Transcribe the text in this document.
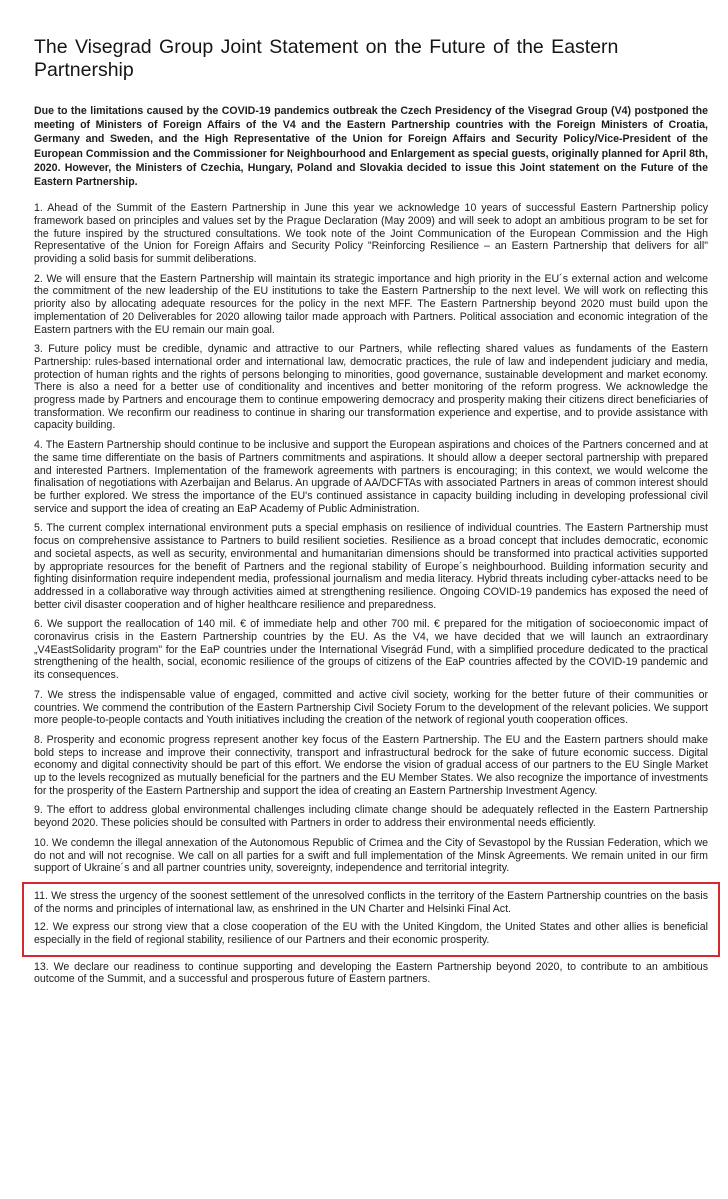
The Visegrad Group Joint Statement on the Future of the Eastern Partnership

Due to the limitations caused by the COVID-19 pandemics outbreak the Czech Presidency of the Visegrad Group (V4) postponed the meeting of Ministers of Foreign Affairs of the V4 and the Eastern Partnership countries with the Foreign Ministers of Croatia, Germany and Sweden, and the High Representative of the Union for Foreign Affairs and Security Policy/Vice-President of the European Commission and the Commissioner for Neighbourhood and Enlargement as special guests, originally planned for April 8th, 2020. However, the Ministers of Czechia, Hungary, Poland and Slovakia decided to issue this Joint statement on the Future of the Eastern Partnership.

1. Ahead of the Summit of the Eastern Partnership in June this year we acknowledge 10 years of successful Eastern Partnership policy framework based on principles and values set by the Prague Declaration (May 2009) and will seek to adopt an ambitious program to be set for the future inspired by the structured consultations. We took note of the Joint Communication of the European Commission and the High Representative of the Union for Foreign Affairs and Security Policy "Reinforcing Resilience – an Eastern Partnership that delivers for all" providing a solid basis for summit deliberations.

2. We will ensure that the Eastern Partnership will maintain its strategic importance and high priority in the EU´s external action and welcome the commitment of the new leadership of the EU institutions to take the Eastern Partnership to the next level. We will work on reflecting this priority also by allocating adequate resources for the policy in the next MFF. The Eastern Partnership beyond 2020 must build upon the implementation of 20 Deliverables for 2020 allowing tailor made approach with Partners. Political association and economic integration of the Eastern partners with the EU remain our main goal.

3. Future policy must be credible, dynamic and attractive to our Partners, while reflecting shared values as fundaments of the Eastern Partnership: rules-based international order and international law, democratic practices, the rule of law and independent judiciary and media, protection of human rights and the rights of persons belonging to minorities, good governance, sustainable development and market economy. There is also a need for a better use of conditionality and incentives and better monitoring of the reform progress. We acknowledge the progress made by Partners and encourage them to continue empowering democracy and prosperity making their citizens direct beneficiaries of transformation. We reconfirm our readiness to continue in sharing our transformation experience and expertise, and to provide assistance with capacity building.

4. The Eastern Partnership should continue to be inclusive and support the European aspirations and choices of the Partners concerned and at the same time differentiate on the basis of Partners commitments and aspirations. It should allow a deeper sectoral partnership with prepared and interested Partners. Implementation of the framework agreements with partners is encouraging; in this context, we would welcome the finalisation of negotiations with Azerbaijan and Belarus. An upgrade of AA/DCFTAs with associated Partners in areas of common interest should be further explored. We stress the importance of the EU's continued assistance in capacity building including in developing professional civil service and support the idea of creating an EaP Academy of Public Administration.

5. The current complex international environment puts a special emphasis on resilience of individual countries. The Eastern Partnership must focus on comprehensive assistance to Partners to build resilient societies. Resilience as a broad concept that includes democratic, economic and societal aspects, as well as security, environmental and humanitarian dimensions should be transformed into practical activities supported by appropriate resources for the benefit of Partners and the regional stability of Europe´s neighbourhood. Building information security and fighting disinformation require independent media, professional journalism and media literacy. Hybrid threats including cyber-attacks need to be addressed in a collaborative way through activities aimed at strengthening resilience. Ongoing COVID-19 pandemics has exposed the need of better civil disaster cooperation and of higher healthcare resilience and preparedness.

6. We support the reallocation of 140 mil. € of immediate help and other 700 mil. € prepared for the mitigation of socioeconomic impact of coronavirus crisis in the Eastern Partnership countries by the EU. As the V4, we have decided that we will launch an extraordinary „V4EastSolidarity program" for the EaP countries under the International Visegrád Fund, with a simplified procedure dedicated to the practical strengthening of the health, social, economic resilience of the groups of citizens of the EaP countries affected by the COVID-19 pandemic and its consequences.

7. We stress the indispensable value of engaged, committed and active civil society, working for the better future of their communities or countries. We commend the contribution of the Eastern Partnership Civil Society Forum to the development of the relevant policies. We support more people-to-people contacts and Youth initiatives including the creation of the network of regional youth cooperation offices.

8. Prosperity and economic progress represent another key focus of the Eastern Partnership. The EU and the Eastern partners should make bold steps to increase and improve their connectivity, transport and infrastructural bedrock for the sake of future economic success. Digital economy and digital connectivity should be part of this effort. We endorse the vision of gradual access of our partners to the EU Single Market up to the levels recognized as mutually beneficial for the partners and the EU Member States. We also recognize the importance of investments for the prosperity of the Eastern Partnership and support the idea of creating an Eastern Partnership Investment Agency.

9. The effort to address global environmental challenges including climate change should be adequately reflected in the Eastern Partnership beyond 2020. These policies should be consulted with Partners in order to address their environmental needs efficiently.

10. We condemn the illegal annexation of the Autonomous Republic of Crimea and the City of Sevastopol by the Russian Federation, which we do not and will not recognise. We call on all parties for a swift and full implementation of the Minsk Agreements. We remain united in our firm support of Ukraine´s and all partner countries unity, sovereignty, independence and territorial integrity.

11. We stress the urgency of the soonest settlement of the unresolved conflicts in the territory of the Eastern Partnership countries on the basis of the norms and principles of international law, as enshrined in the UN Charter and Helsinki Final Act.

12. We express our strong view that a close cooperation of the EU with the United Kingdom, the United States and other allies is beneficial especially in the field of regional stability, resilience of our Partners and their economic prosperity.

13. We declare our readiness to continue supporting and developing the Eastern Partnership beyond 2020, to contribute to an ambitious outcome of the Summit, and a successful and prosperous future of Eastern partners.
